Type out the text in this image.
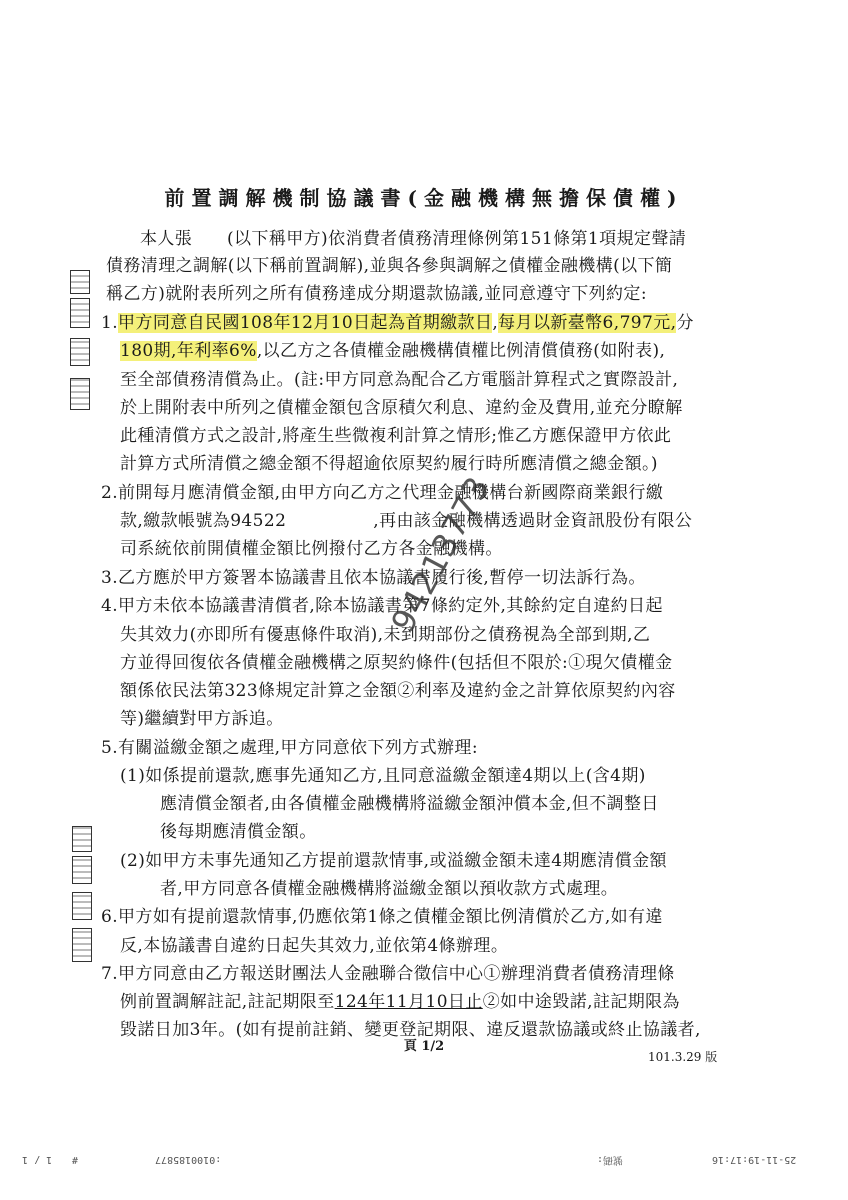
前置調解機制協議書(金融機構無擔保債權)
本人張　　(以下稱甲方)依消費者債務清理條例第151條第1項規定聲請
債務清理之調解(以下稱前置調解),並與各參與調解之債權金融機構(以下簡
稱乙方)就附表所列之所有債務達成分期還款協議,並同意遵守下列約定:
1.甲方同意自民國108年12月10日起為首期繳款日,每月以新臺幣6,797元,分
180期,年利率6%,以乙方之各債權金融機構債權比例清償債務(如附表),
至全部債務清償為止。(註:甲方同意為配合乙方電腦計算程式之實際設計,
於上開附表中所列之債權金額包含原積欠利息、違約金及費用,並充分瞭解
此種清償方式之設計,將產生些微複利計算之情形;惟乙方應保證甲方依此
計算方式所清償之總金額不得超逾依原契約履行時所應清償之總金額。)
2.前開每月應清償金額,由甲方向乙方之代理金融機構台新國際商業銀行繳
款,繳款帳號為94522　　　　　,再由該金融機構透過財金資訊股份有限公
司系統依前開債權金額比例撥付乙方各金融機構。
3.乙方應於甲方簽署本協議書且依本協議書履行後,暫停一切法訴行為。
4.甲方未依本協議書清償者,除本協議書第7條約定外,其餘約定自違約日起
失其效力(亦即所有優惠條件取消),未到期部份之債務視為全部到期,乙
方並得回復依各債權金融機構之原契約條件(包括但不限於:①現欠債權金
額係依民法第323條規定計算之金額②利率及違約金之計算依原契約內容
等)繼續對甲方訴追。
5.有關溢繳金額之處理,甲方同意依下列方式辦理:
(1)如係提前還款,應事先通知乙方,且同意溢繳金額達4期以上(含4期)
應清償金額者,由各債權金融機構將溢繳金額沖償本金,但不調整日
後每期應清償金額。
(2)如甲方未事先通知乙方提前還款情事,或溢繳金額未達4期應清償金額
者,甲方同意各債權金融機構將溢繳金額以預收款方式處理。
6.甲方如有提前還款情事,仍應依第1條之債權金額比例清償於乙方,如有違
反,本協議書自違約日起失其效力,並依第4條辦理。
7.甲方同意由乙方報送財團法人金融聯合徵信中心①辦理消費者債務清理條
例前置調解註記,註記期限至124年11月10日止②如中途毀諾,註記期限為
毀諾日加3年。(如有提前註銷、變更登記期限、違反還款協議或終止協議者,
94213773
頁 1/2
101.3.29 版
1 / 1 #	:0100185877	號碼:	25-11-19:17:16
